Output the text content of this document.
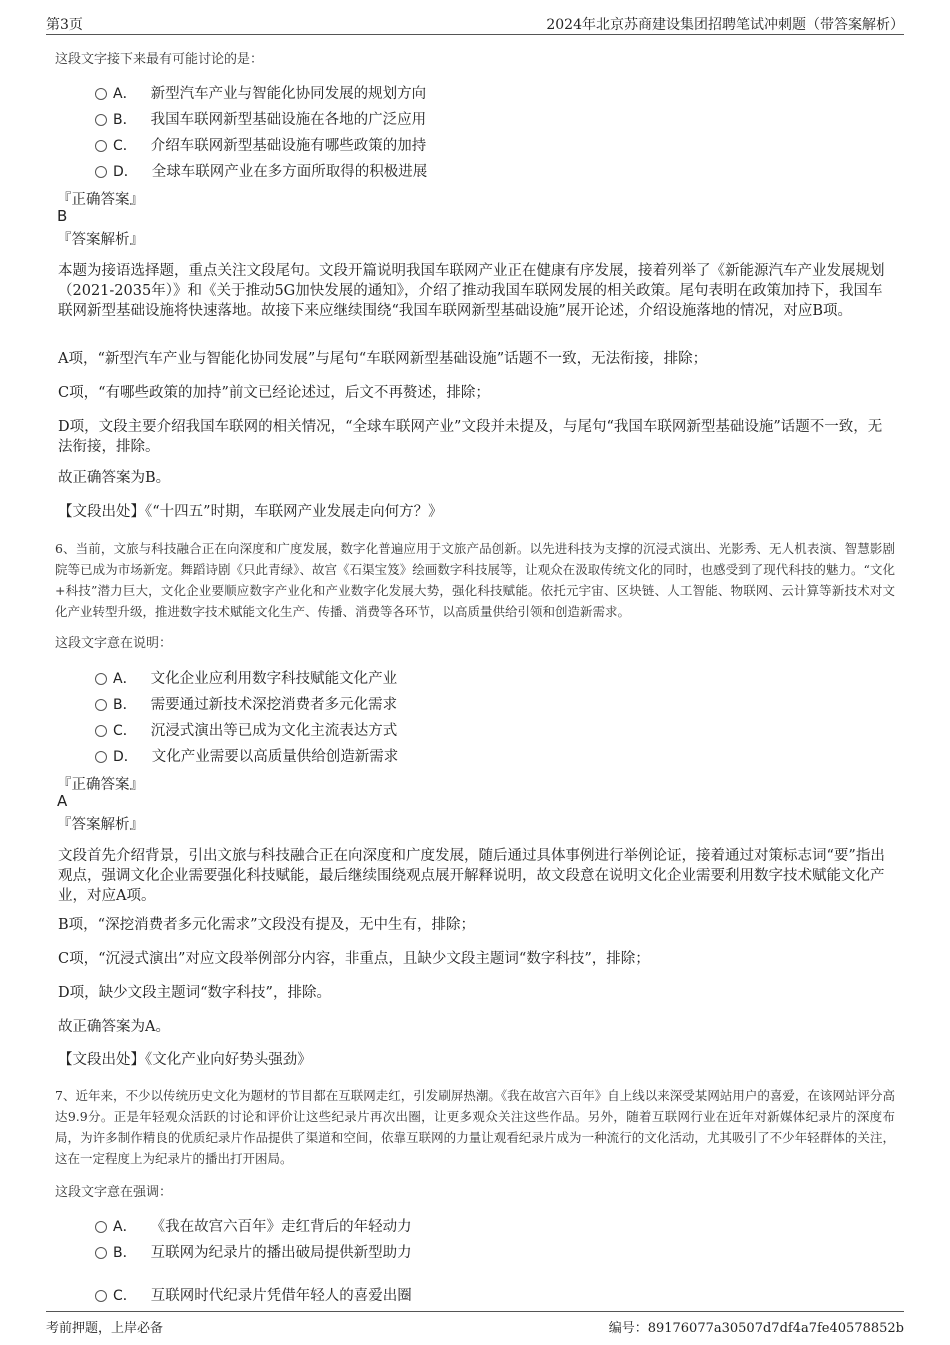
第3页	2024年北京苏商建设集团招聘笔试冲刺题（带答案解析）
这段文字接下来最有可能讨论的是：
A． 新型汽车产业与智能化协同发展的规划方向
B． 我国车联网新型基础设施在各地的广泛应用
C． 介绍车联网新型基础设施有哪些政策的加持
D． 全球车联网产业在多方面所取得的积极进展
『正确答案』
B
『答案解析』
本题为接语选择题，重点关注文段尾句。文段开篇说明我国车联网产业正在健康有序发展，接着列举了《新能源汽车产业发展规划（2021-2035年）》和《关于推动5G加快发展的通知》，介绍了推动我国车联网发展的相关政策。尾句表明在政策加持下，我国车联网新型基础设施将快速落地。故接下来应继续围绕“我国车联网新型基础设施”展开论述，介绍设施落地的情况，对应B项。
A项，“新型汽车产业与智能化协同发展”与尾句“车联网新型基础设施”话题不一致，无法衔接，排除；
C项，“有哪些政策的加持”前文已经论述过，后文不再赘述，排除；
D项，文段主要介绍我国车联网的相关情况，“全球车联网产业”文段并未提及，与尾句“我国车联网新型基础设施”话题不一致，无法衔接，排除。
故正确答案为B。
【文段出处】《“十四五”时期，车联网产业发展走向何方？》
6、当前，文旅与科技融合正在向深度和广度发展，数字化普遍应用于文旅产品创新。以先进科技为支撑的沉浸式演出、光影秀、无人机表演、智慧影剧院等已成为市场新宠。舞蹈诗剧《只此青绿》、故宫《石渠宝笈》绘画数字科技展等，让观众在汲取传统文化的同时，也感受到了现代科技的魅力。“文化+科技”潜力巨大，文化企业要顺应数字产业化和产业数字化发展大势，强化科技赋能。依托元宇宙、区块链、人工智能、物联网、云计算等新技术对文化产业转型升级，推进数字技术赋能文化生产、传播、消费等各环节，以高质量供给引领和创造新需求。
这段文字意在说明：
A． 文化企业应利用数字科技赋能文化产业
B． 需要通过新技术深挖消费者多元化需求
C． 沉浸式演出等已成为文化主流表达方式
D． 文化产业需要以高质量供给创造新需求
『正确答案』
A
『答案解析』
文段首先介绍背景，引出文旅与科技融合正在向深度和广度发展，随后通过具体事例进行举例论证，接着通过对策标志词“要”指出观点，强调文化企业需要强化科技赋能，最后继续围绕观点展开解释说明，故文段意在说明文化企业需要利用数字技术赋能文化产业，对应A项。
B项，“深挖消费者多元化需求”文段没有提及，无中生有，排除；
C项，“沉浸式演出”对应文段举例部分内容，非重点，且缺少文段主题词“数字科技”，排除；
D项，缺少文段主题词“数字科技”，排除。
故正确答案为A。
【文段出处】《文化产业向好势头强劲》
7、近年来，不少以传统历史文化为题材的节目都在互联网走红，引发刷屏热潮。《我在故宫六百年》自上线以来深受某网站用户的喜爱，在该网站评分高达9.9分。正是年轻观众活跃的讨论和评价让这些纪录片再次出圈，让更多观众关注这些作品。另外，随着互联网行业在近年对新媒体纪录片的深度布局，为许多制作精良的优质纪录片作品提供了渠道和空间，依靠互联网的力量让观看纪录片成为一种流行的文化活动，尤其吸引了不少年轻群体的关注，这在一定程度上为纪录片的播出打开困局。
这段文字意在强调：
A． 《我在故宫六百年》走红背后的年轻动力
B． 互联网为纪录片的播出破局提供新型助力
C． 互联网时代纪录片凭借年轻人的喜爱出圈
考前押题，上岸必备	编号：89176077a30507d7df4a7fe40578852b
